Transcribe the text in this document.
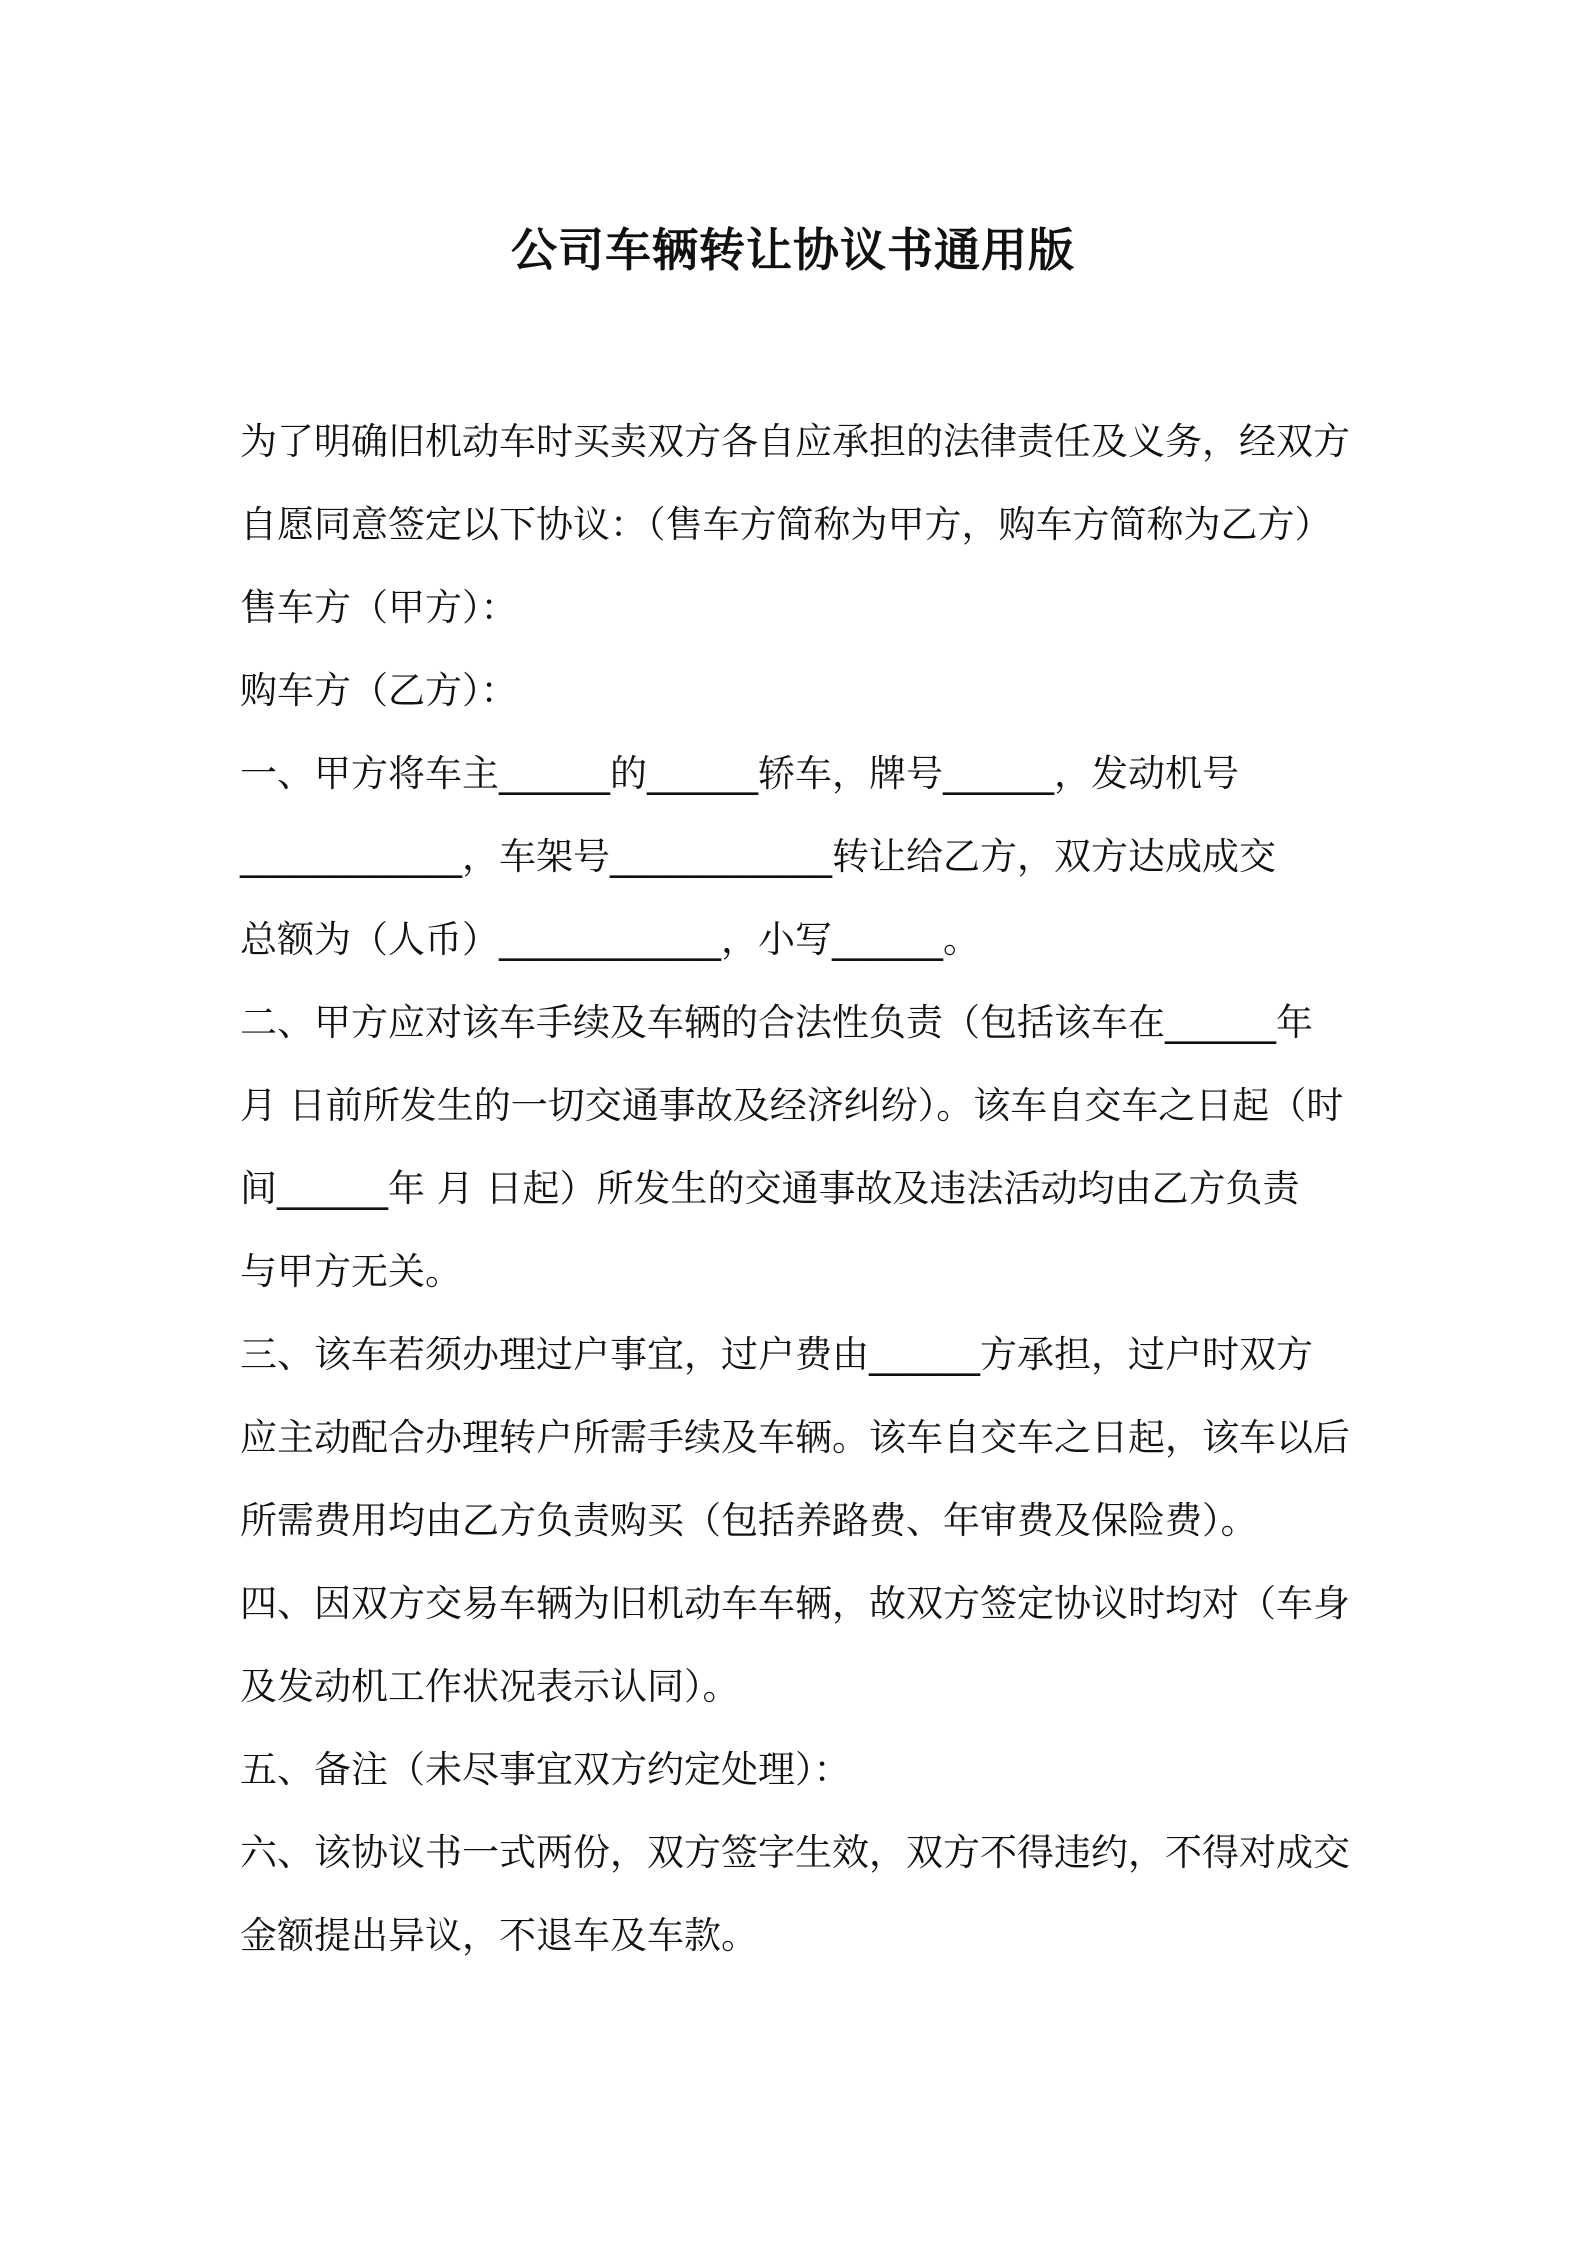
公司车辆转让协议书通用版
为了明确旧机动车时买卖双方各自应承担的法律责任及义务，经双方
自愿同意签定以下协议：（售车方简称为甲方，购车方简称为乙方）
售车方（甲方）：
购车方（乙方）：
一、甲方将车主______的______轿车，牌号______，发动机号
____________，车架号____________转让给乙方，双方达成成交
总额为（人币）____________，小写______。
二、甲方应对该车手续及车辆的合法性负责（包括该车在______年
月 日前所发生的一切交通事故及经济纠纷）。该车自交车之日起（时
间______年 月 日起）所发生的交通事故及违法活动均由乙方负责
与甲方无关。
三、该车若须办理过户事宜，过户费由______方承担，过户时双方
应主动配合办理转户所需手续及车辆。该车自交车之日起，该车以后
所需费用均由乙方负责购买（包括养路费、年审费及保险费）。
四、因双方交易车辆为旧机动车车辆，故双方签定协议时均对（车身
及发动机工作状况表示认同）。
五、备注（未尽事宜双方约定处理）：
六、该协议书一式两份，双方签字生效，双方不得违约，不得对成交
金额提出异议，不退车及车款。
